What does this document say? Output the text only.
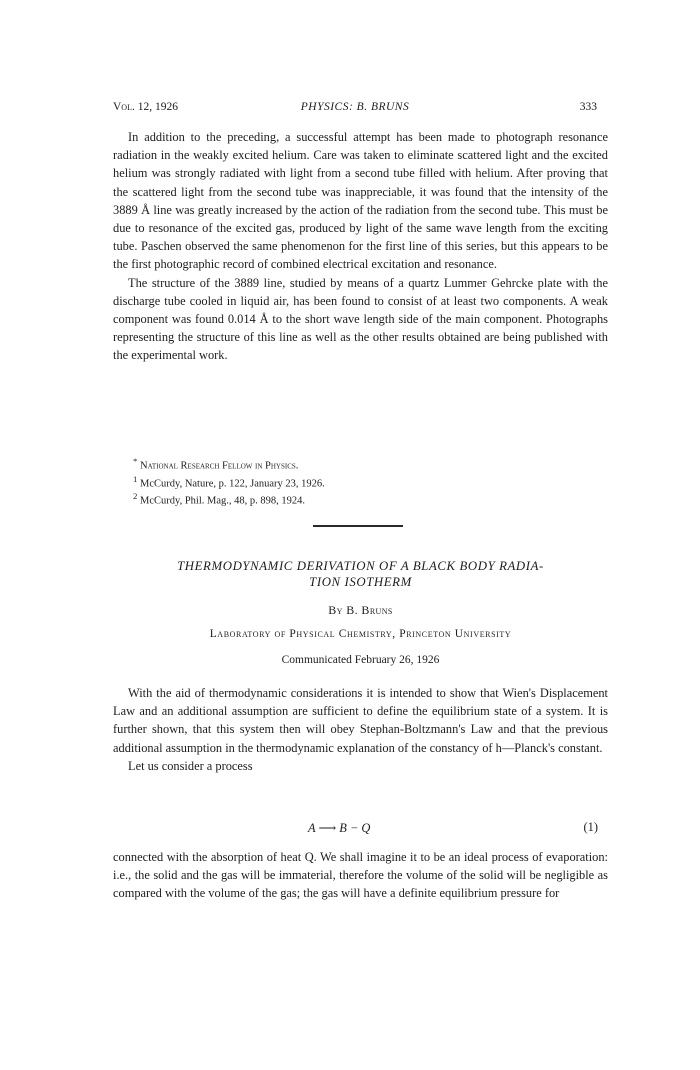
Vol. 12, 1926	PHYSICS: B. BRUNS	333

In addition to the preceding, a successful attempt has been made to photograph resonance radiation in the weakly excited helium. Care was taken to eliminate scattered light and the excited helium was strongly radiated with light from a second tube filled with helium. After proving that the scattered light from the second tube was inappreciable, it was found that the intensity of the 3889 Å line was greatly increased by the action of the radiation from the second tube. This must be due to resonance of the excited gas, produced by light of the same wave length from the exciting tube. Paschen observed the same phenomenon for the first line of this series, but this appears to be the first photographic record of combined electrical excitation and resonance.

The structure of the 3889 line, studied by means of a quartz Lummer Gehrcke plate with the discharge tube cooled in liquid air, has been found to consist of at least two components. A weak component was found 0.014 Å to the short wave length side of the main component. Photographs representing the structure of this line as well as the other results obtained are being published with the experimental work.

* National Research Fellow in Physics.
$^1$ McCurdy, Nature, p. 122, January 23, 1926.
$^2$ McCurdy, Phil. Mag., 48, p. 898, 1924.
THERMODYNAMIC DERIVATION OF A BLACK BODY RADIA-
TION ISOTHERM
By B. Bruns
Laboratory of Physical Chemistry, Princeton University
Communicated February 26, 1926

With the aid of thermodynamic considerations it is intended to show that Wien's Displacement Law and an additional assumption are sufficient to define the equilibrium state of a system. It is further shown, that this system then will obey Stephan-Boltzmann's Law and that the previous additional assumption in the thermodynamic explanation of the constancy of h—Planck's constant.

Let us consider a process

A ⟶ B − Q	(1)

connected with the absorption of heat Q. We shall imagine it to be an ideal process of evaporation: i.e., the solid and the gas will be immaterial, therefore the volume of the solid will be negligible as compared with the volume of the gas; the gas will have a definite equilibrium pressure for
